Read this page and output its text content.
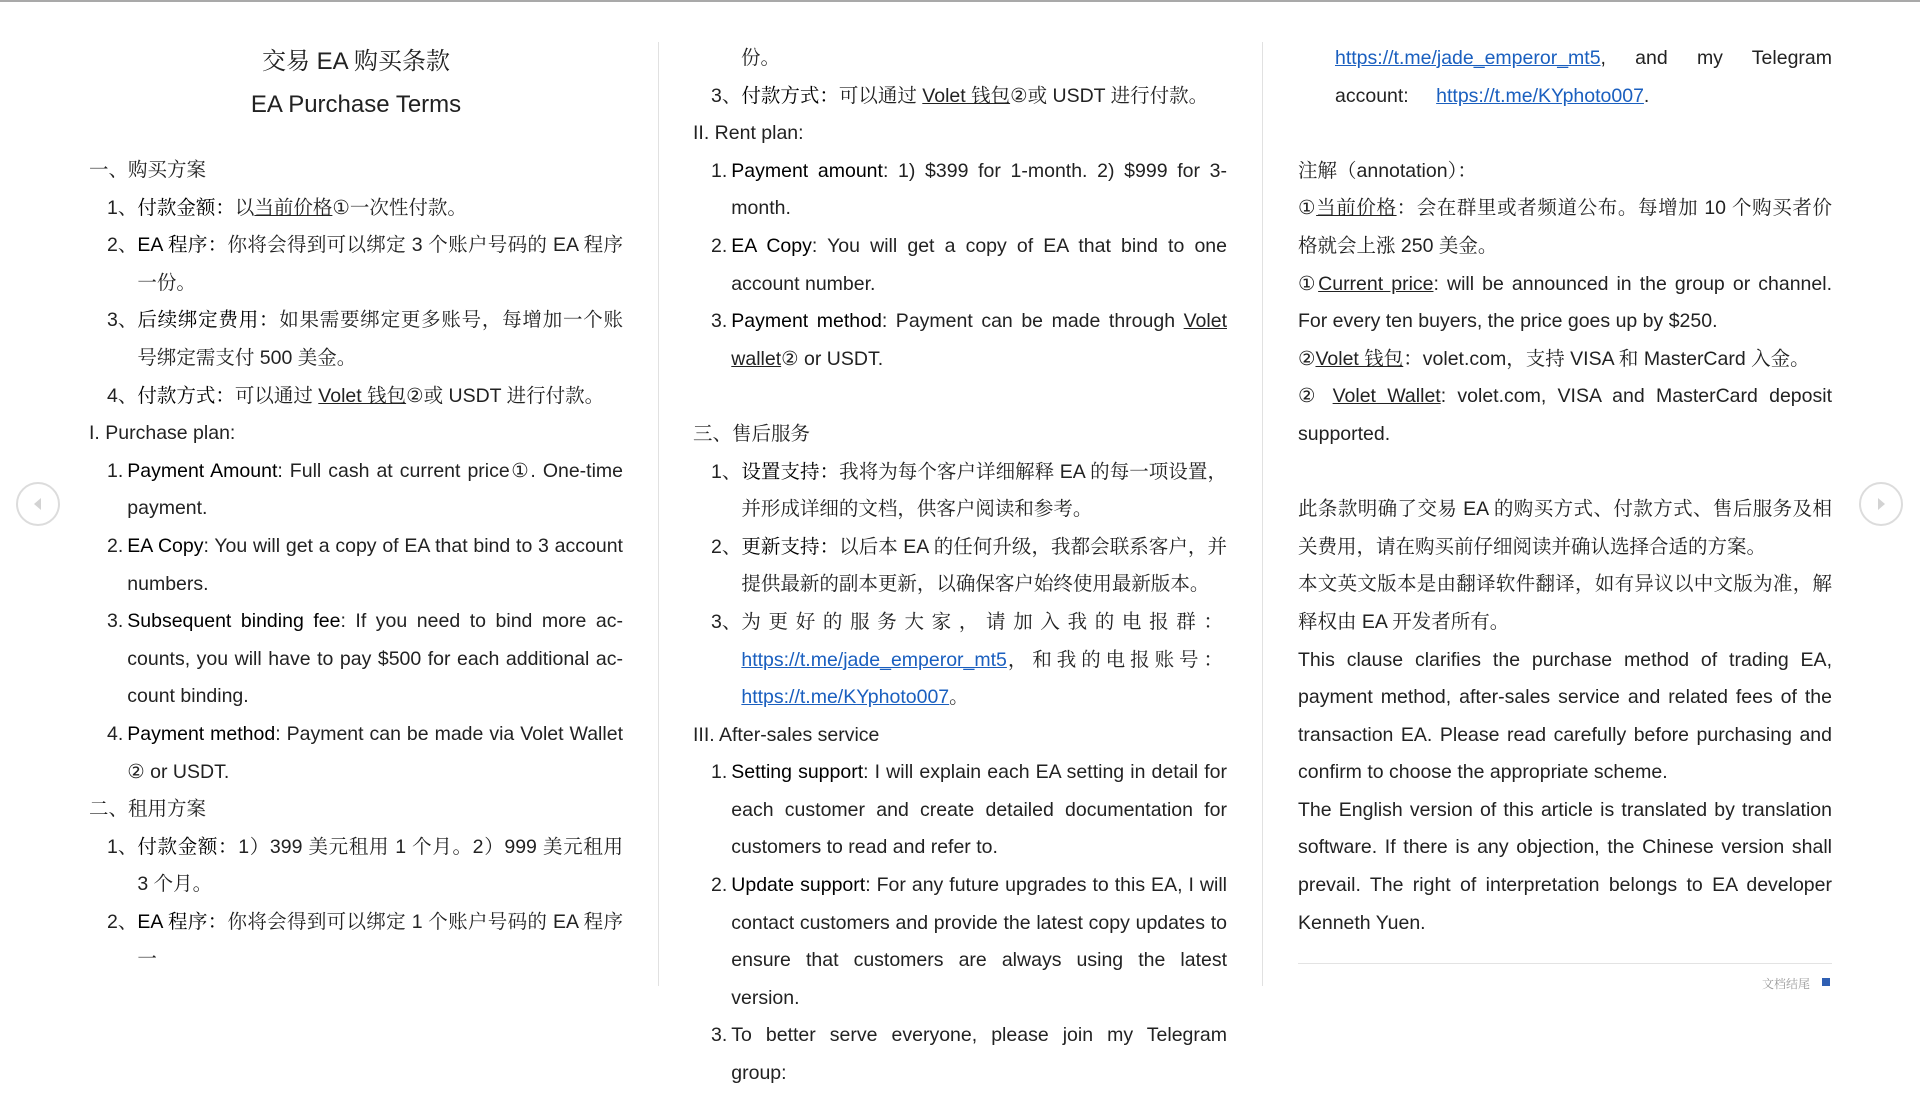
交易 EA 购买条款
EA Purchase Terms
一、购买方案
1、 付款金额：以当前价格①一次性付款。
2、 EA 程序：你将会得到可以绑定 3 个账户号码的 EA 程序一份。
3、 后续绑定费用：如果需要绑定更多账号，每增加一个账号绑定需支付 500 美金。
4、 付款方式：可以通过 Volet 钱包②或 USDT 进行付款。
I. Purchase plan:
1. Payment Amount: Full cash at current price①. One-time payment.
2. EA Copy: You will get a copy of EA that bind to 3 account numbers.
3. Subsequent binding fee: If you need to bind more ac-counts, you will have to pay $500 for each additional ac-count binding.
4. Payment method: Payment can be made via Volet Wallet ② or USDT.
二、租用方案
1、 付款金额：1）399 美元租用 1 个月。2）999 美元租用 3 个月。
2、 EA 程序：你将会得到可以绑定 1 个账户号码的 EA 程序一
份。
3、 付款方式：可以通过 Volet 钱包②或 USDT 进行付款。
II. Rent plan:
1. Payment amount: 1) $399 for 1-month. 2) $999 for 3-month.
2. EA Copy: You will get a copy of EA that bind to one account number.
3. Payment method: Payment can be made through Volet wallet② or USDT.
三、售后服务
1、 设置支持：我将为每个客户详细解释 EA 的每一项设置，并形成详细的文档，供客户阅读和参考。
2、 更新支持：以后本 EA 的任何升级，我都会联系客户，并提供最新的副本更新，以确保客户始终使用最新版本。
3、 为更好的服务大家，请加入我的电报群：https://t.me/jade_emperor_mt5，和我的电报账号：https://t.me/KYphoto007。
III. After-sales service
1. Setting support: I will explain each EA setting in detail for each customer and create detailed documentation for customers to read and refer to.
2. Update support: For any future upgrades to this EA, I will contact customers and provide the latest copy updates to ensure that customers are always using the latest version.
3. To better serve everyone, please join my Telegram group:
https://t.me/jade_emperor_mt5, and my Telegram account: https://t.me/KYphoto007.
注解（annotation）：

①当前价格：会在群里或者频道公布。每增加 10 个购买者价格就会上涨 250 美金。

①Current price: will be announced in the group or channel. For every ten buyers, the price goes up by $250.

②Volet 钱包：volet.com，支持 VISA 和 MasterCard 入金。

② Volet Wallet: volet.com, VISA and MasterCard deposit supported.

此条款明确了交易 EA 的购买方式、付款方式、售后服务及相关费用，请在购买前仔细阅读并确认选择合适的方案。

本文英文版本是由翻译软件翻译，如有异议以中文版为准，解释权由 EA 开发者所有。

This clause clarifies the purchase method of trading EA, payment method, after-sales service and related fees of the transaction EA. Please read carefully before purchasing and confirm to choose the appropriate scheme.

The English version of this article is translated by translation software. If there is any objection, the Chinese version shall prevail. The right of interpretation belongs to EA developer Kenneth Yuen.

文档结尾
